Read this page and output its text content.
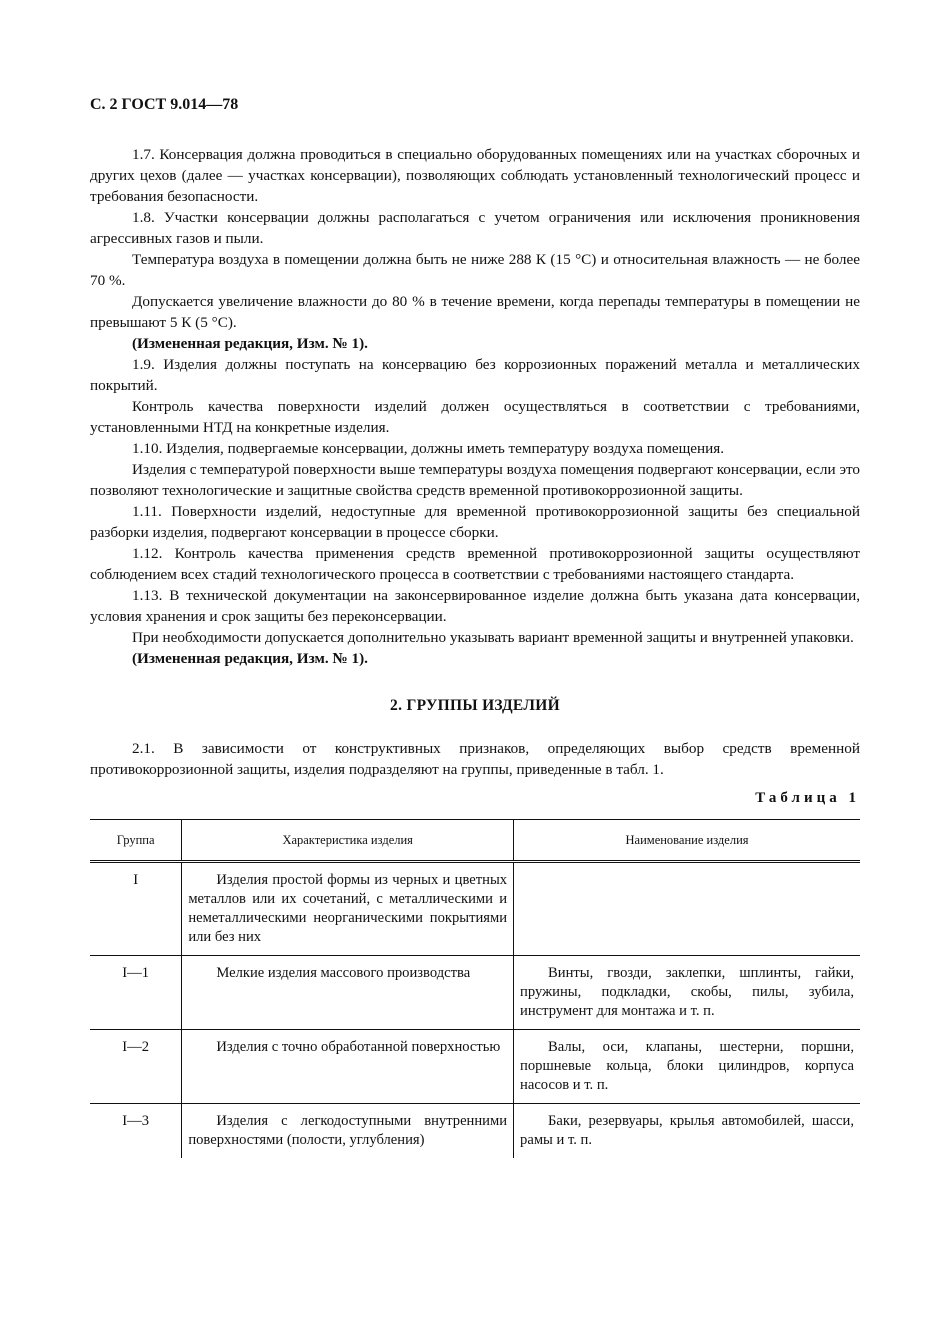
С. 2 ГОСТ 9.014—78

1.7. Консервация должна проводиться в специально оборудованных помещениях или на участках сборочных и других цехов (далее — участках консервации), позволяющих соблюдать установленный технологический процесс и требования безопасности.

1.8. Участки консервации должны располагаться с учетом ограничения или исключения проникновения агрессивных газов и пыли.

Температура воздуха в помещении должна быть не ниже 288 К (15 °С) и относительная влажность — не более 70 %.

Допускается увеличение влажности до 80 % в течение времени, когда перепады температуры в помещении не превышают 5 К (5 °С).

(Измененная редакция, Изм. № 1).

1.9. Изделия должны поступать на консервацию без коррозионных поражений металла и металлических покрытий.

Контроль качества поверхности изделий должен осуществляться в соответствии с требованиями, установленными НТД на конкретные изделия.

1.10. Изделия, подвергаемые консервации, должны иметь температуру воздуха помещения.

Изделия с температурой поверхности выше температуры воздуха помещения подвергают консервации, если это позволяют технологические и защитные свойства средств временной противокоррозионной защиты.

1.11. Поверхности изделий, недоступные для временной противокоррозионной защиты без специальной разборки изделия, подвергают консервации в процессе сборки.

1.12. Контроль качества применения средств временной противокоррозионной защиты осуществляют соблюдением всех стадий технологического процесса в соответствии с требованиями настоящего стандарта.

1.13. В технической документации на законсервированное изделие должна быть указана дата консервации, условия хранения и срок защиты без переконсервации.

При необходимости допускается дополнительно указывать вариант временной защиты и внутренней упаковки.

(Измененная редакция, Изм. № 1).

2. ГРУППЫ ИЗДЕЛИЙ

2.1. В зависимости от конструктивных признаков, определяющих выбор средств временной противокоррозионной защиты, изделия подразделяют на группы, приведенные в табл. 1.

Таблица 1
Группа	Характеристика изделия	Наименование изделия
I	Изделия простой формы из черных и цветных металлов или их сочетаний, с металлическими и неметаллическими неорганическими покрытиями или без них	
I—1	Мелкие изделия массового производства	Винты, гвозди, заклепки, шплинты, гайки, пружины, подкладки, скобы, пилы, зубила, инструмент для монтажа и т. п.
I—2	Изделия с точно обработанной поверхностью	Валы, оси, клапаны, шестерни, поршни, поршневые кольца, блоки цилиндров, корпуса насосов и т. п.
I—3	Изделия с легкодоступными внутренними поверхностями (полости, углубления)	Баки, резервуары, крылья автомобилей, шасси, рамы и т. п.
